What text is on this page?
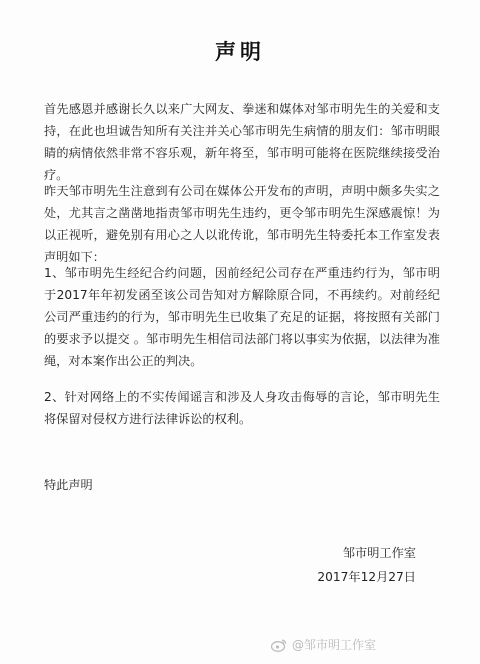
声明

首先感恩并感谢长久以来广大网友、拳迷和媒体对邹市明先生的关爱和支持，在此也坦诚告知所有关注并关心邹市明先生病情的朋友们：邹市明眼睛的病情依然非常不容乐观，新年将至，邹市明可能将在医院继续接受治疗。

昨天邹市明先生注意到有公司在媒体公开发布的声明，声明中颇多失实之处，尤其言之凿凿地指责邹市明先生违约，更令邹市明先生深感震惊！为以正视听，避免别有用心之人以讹传讹，邹市明先生特委托本工作室发表声明如下：

1、邹市明先生经纪合约问题，因前经纪公司存在严重违约行为，邹市明于2017年年初发函至该公司告知对方解除原合同，不再续约。对前经纪公司严重违约的行为，邹市明先生已收集了充足的证据，将按照有关部门的要求予以提交 。邹市明先生相信司法部门将以事实为依据，以法律为准绳，对本案作出公正的判决。

2、针对网络上的不实传闻谣言和涉及人身攻击侮辱的言论，邹市明先生将保留对侵权方进行法律诉讼的权利。

特此声明

邹市明工作室
2017年12月27日
@邹市明工作室
